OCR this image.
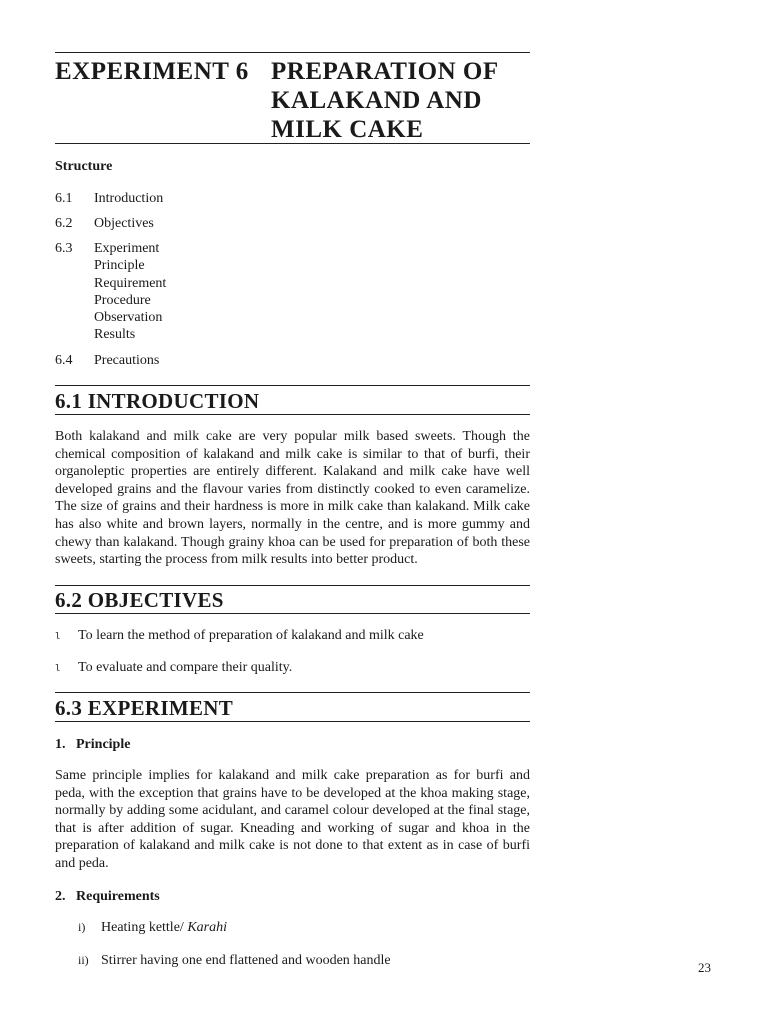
EXPERIMENT 6 PREPARATION OF
KALAKAND AND
MILK CAKE
Structure
6.1 Introduction
6.2 Objectives
6.3 Experiment
Principle
Requirement
Procedure
Observation
Results
6.4 Precautions
6.1 INTRODUCTION
Both kalakand and milk cake are very popular milk based sweets. Though the chemical composition of kalakand and milk cake is similar to that of burfi, their organoleptic properties are entirely different. Kalakand and milk cake have well developed grains and the flavour varies from distinctly cooked to even caramelize. The size of grains and their hardness is more in milk cake than kalakand. Milk cake has also white and brown layers, normally in the centre, and is more gummy and chewy than kalakand. Though grainy khoa can be used for preparation of both these sweets, starting the process from milk results into better product.
6.2 OBJECTIVES
l To learn the method of preparation of kalakand and milk cake
l To evaluate and compare their quality.
6.3 EXPERIMENT
1.   Principle
Same principle implies for kalakand and milk cake preparation as for burfi and peda, with the exception that grains have to be developed at the khoa making stage, normally by adding some acidulant, and caramel colour developed at the final stage, that is after addition of sugar. Kneading and working of sugar and khoa in the preparation of kalakand and milk cake is not done to that extent as in case of burfi and peda.
2.   Requirements
i) Heating kettle/ Karahi
ii) Stirrer having one end flattened and wooden handle	23
